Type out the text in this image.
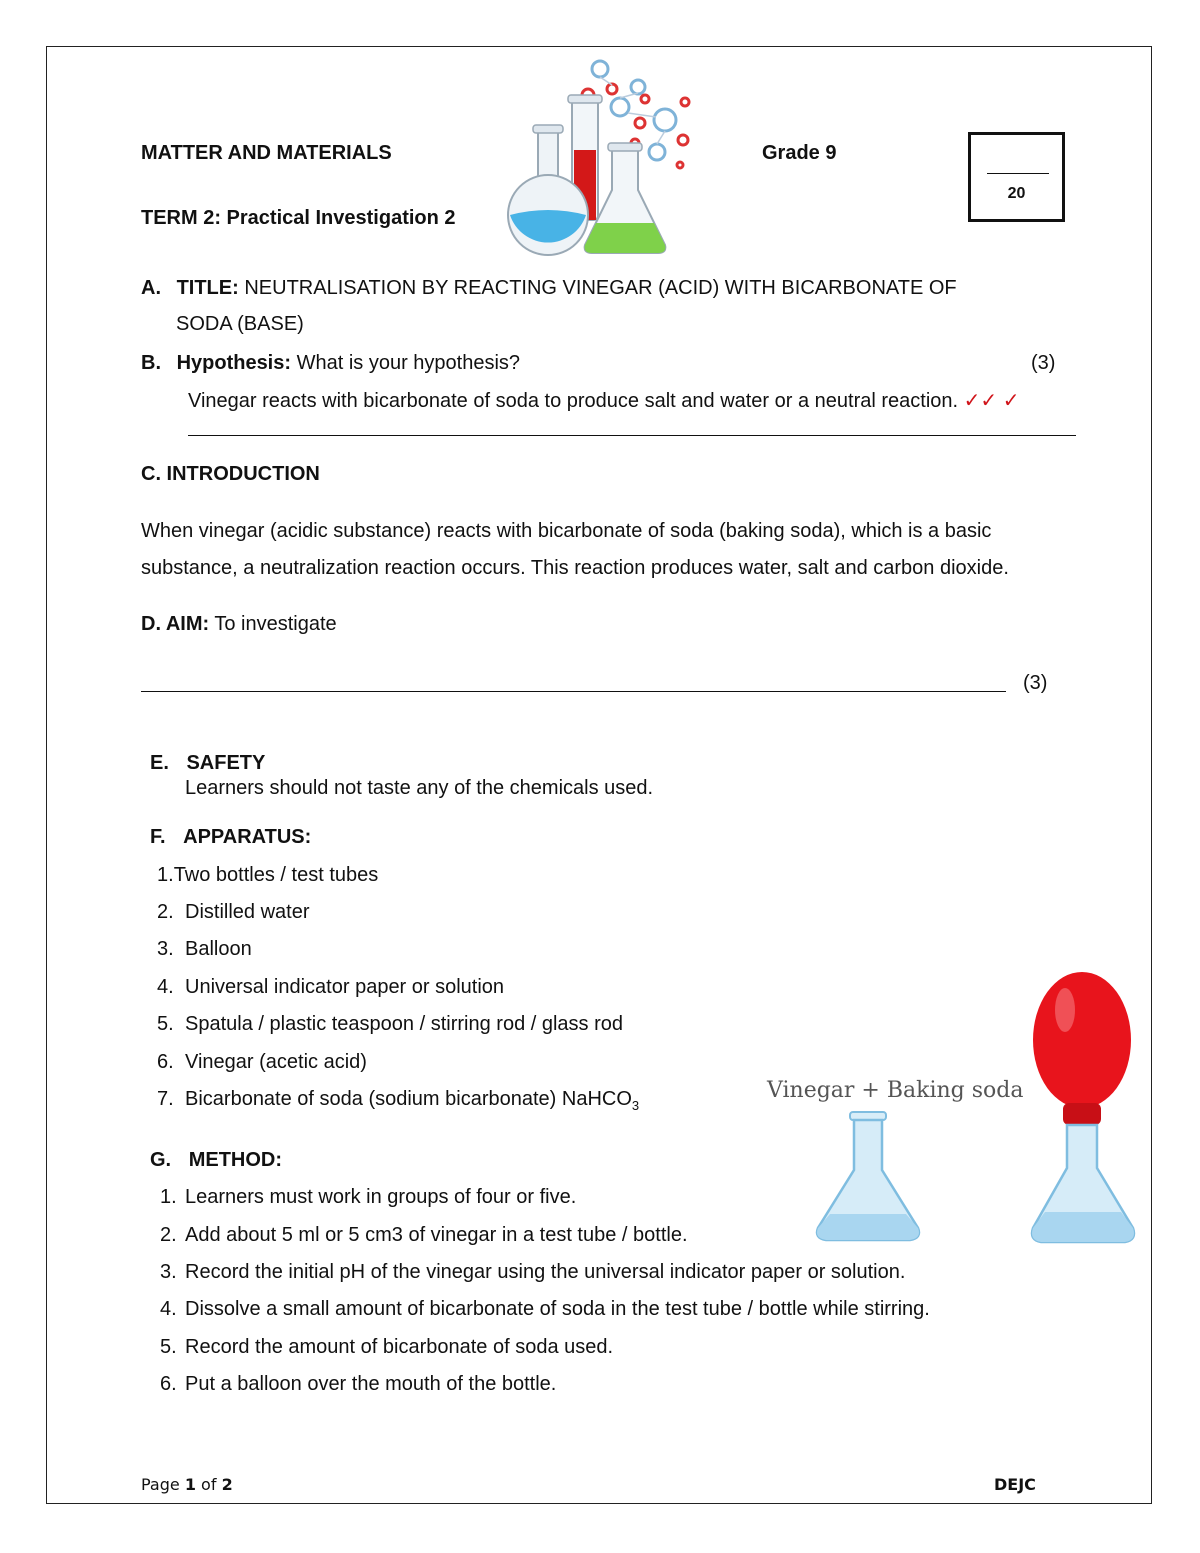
MATTER AND MATERIALS	Grade 9
TERM 2: Practical Investigation 2
20
A. TITLE: NEUTRALISATION BY REACTING VINEGAR (ACID) WITH BICARBONATE OF
SODA (BASE)
B. Hypothesis: What is your hypothesis?	(3)
Vinegar reacts with bicarbonate of soda to produce salt and water or a neutral reaction. ✓✓ ✓
C. INTRODUCTION
When vinegar (acidic substance) reacts with bicarbonate of soda (baking soda), which is a basic
substance, a neutralization reaction occurs. This reaction produces water, salt and carbon dioxide.
D. AIM: To investigate
(3)
E. SAFETY
Learners should not taste any of the chemicals used.
F. APPARATUS:
1.Two bottles / test tubes
2. Distilled water
3. Balloon
4. Universal indicator paper or solution
5. Spatula / plastic teaspoon / stirring rod / glass rod
6. Vinegar (acetic acid)
7. Bicarbonate of soda (sodium bicarbonate) NaHCO$_3$
Vinegar + Baking soda
G. METHOD:
1. Learners must work in groups of four or five.
2. Add about 5 ml or 5 cm3 of vinegar in a test tube / bottle.
3. Record the initial pH of the vinegar using the universal indicator paper or solution.
4. Dissolve a small amount of bicarbonate of soda in the test tube / bottle while stirring.
5. Record the amount of bicarbonate of soda used.
6. Put a balloon over the mouth of the bottle.
Page 1 of 2	DEJC
